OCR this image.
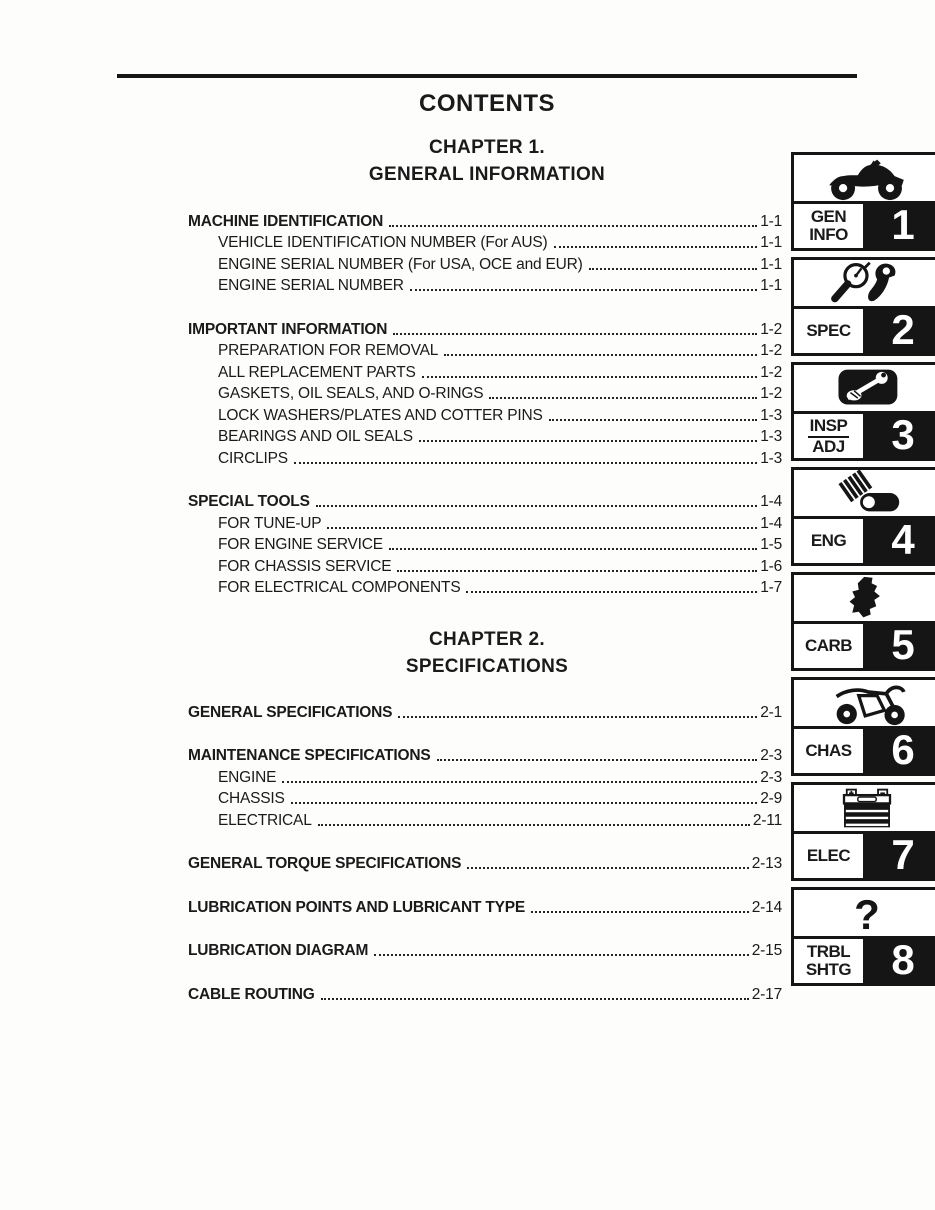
CONTENTS
CHAPTER 1.
GENERAL INFORMATION
MACHINE IDENTIFICATION	1-1
VEHICLE IDENTIFICATION NUMBER (For AUS)	1-1
ENGINE SERIAL NUMBER (For USA, OCE and EUR)	1-1
ENGINE SERIAL NUMBER	1-1
IMPORTANT INFORMATION	1-2
PREPARATION FOR REMOVAL	1-2
ALL REPLACEMENT PARTS	1-2
GASKETS, OIL SEALS, AND O-RINGS	1-2
LOCK WASHERS/PLATES AND COTTER PINS	1-3
BEARINGS AND OIL SEALS	1-3
CIRCLIPS	1-3
SPECIAL TOOLS	1-4
FOR TUNE-UP	1-4
FOR ENGINE SERVICE	1-5
FOR CHASSIS SERVICE	1-6
FOR ELECTRICAL COMPONENTS	1-7
CHAPTER 2.
SPECIFICATIONS
GENERAL SPECIFICATIONS	2-1
MAINTENANCE SPECIFICATIONS	2-3
ENGINE	2-3
CHASSIS	2-9
ELECTRICAL	2-11
GENERAL TORQUE SPECIFICATIONS	2-13
LUBRICATION POINTS AND LUBRICANT TYPE	2-14
LUBRICATION DIAGRAM	2-15
CABLE ROUTING	2-17
GEN
INFO	1
SPEC 2
INSP
ADJ	3
ENG	4
CARB 5
CHAS 6
ELEC 7
?
TRBL
SHTG 8
